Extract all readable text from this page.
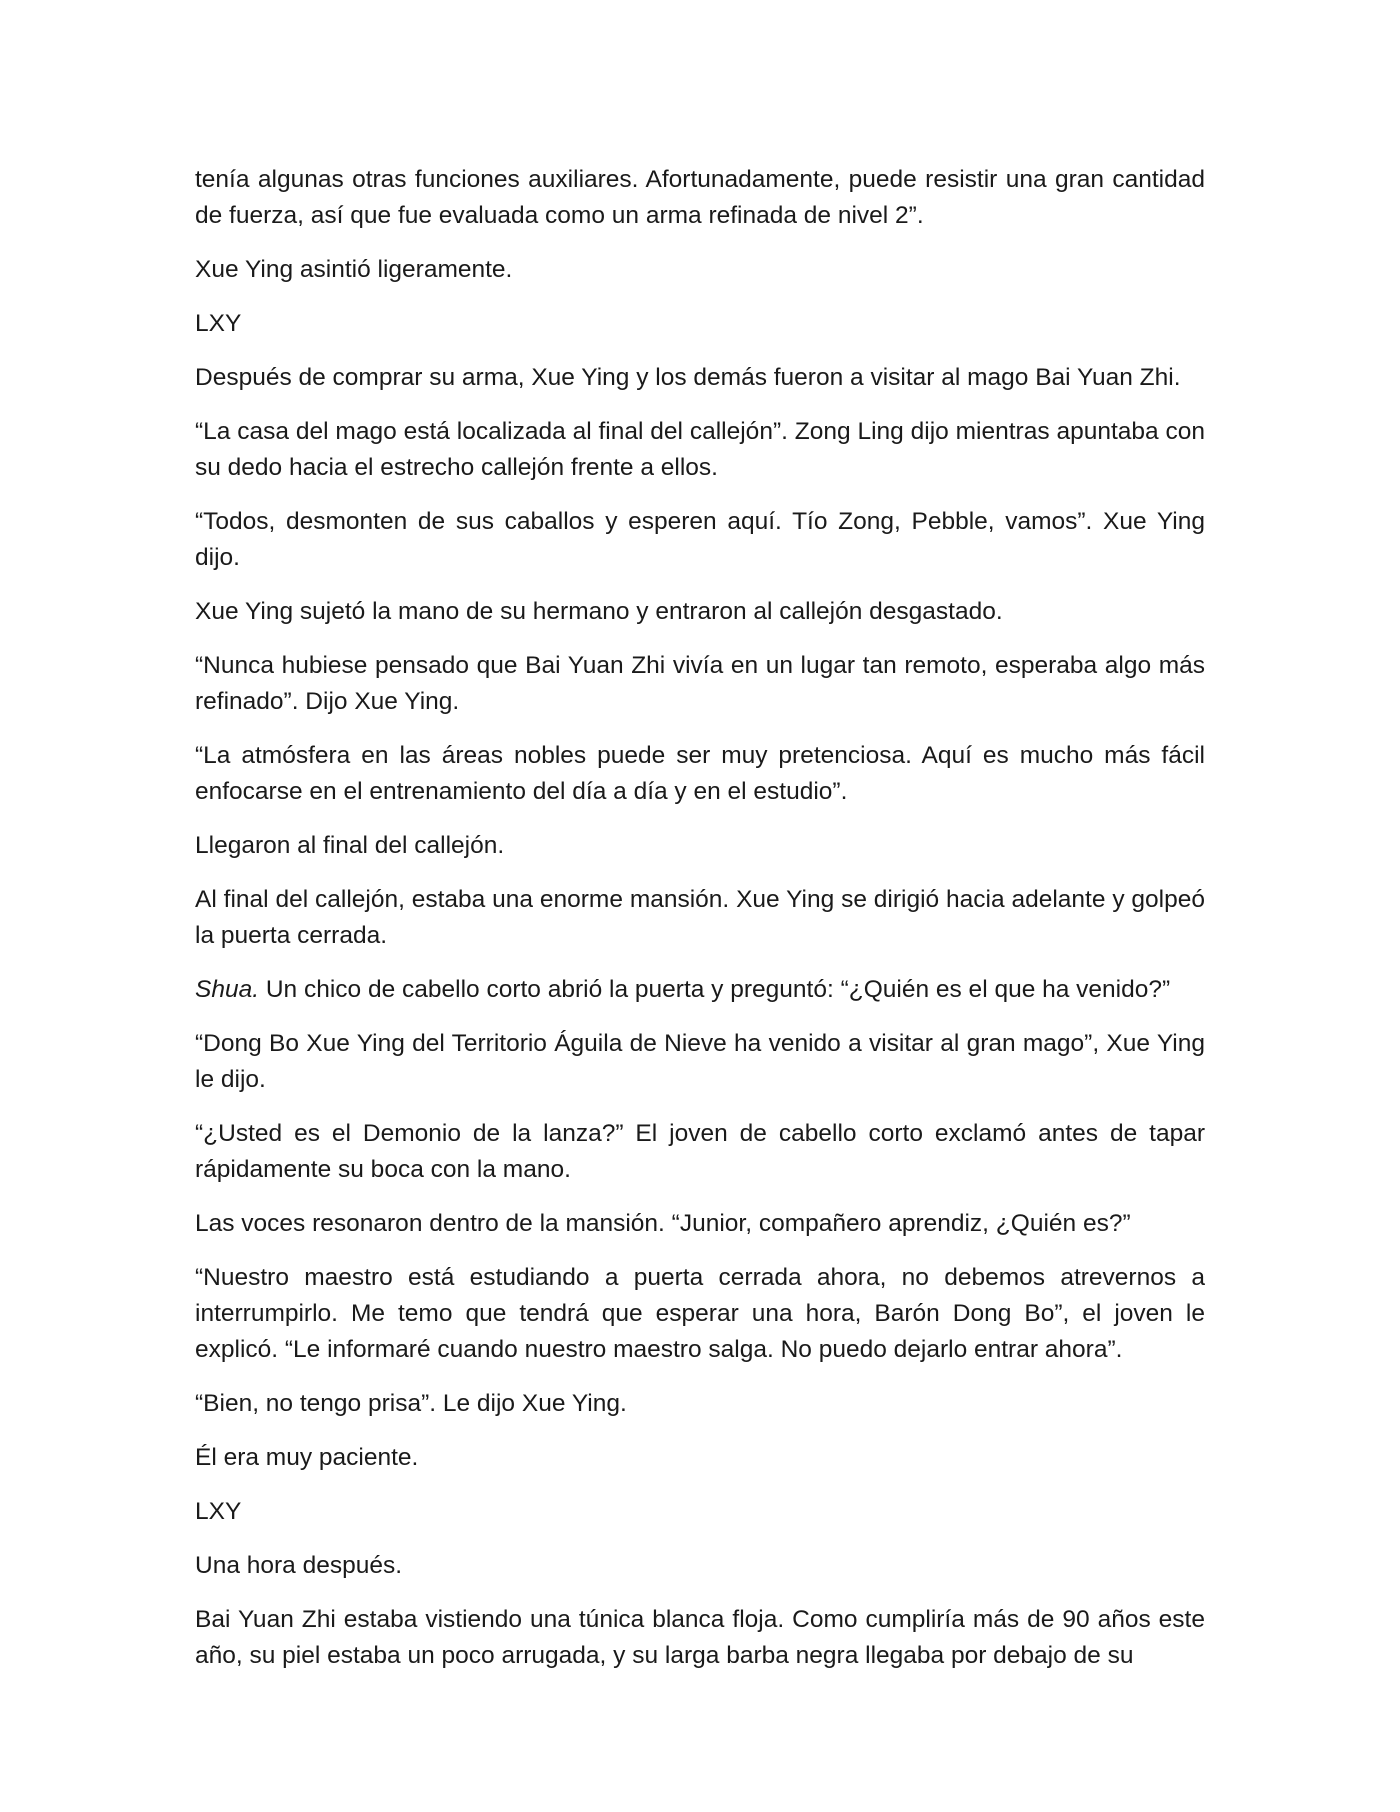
tenía algunas otras funciones auxiliares. Afortunadamente, puede resistir una gran cantidad de fuerza, así que fue evaluada como un arma refinada de nivel 2”.

Xue Ying asintió ligeramente.

LXY

Después de comprar su arma, Xue Ying y los demás fueron a visitar al mago Bai Yuan Zhi.

“La casa del mago está localizada al final del callejón”. Zong Ling dijo mientras apuntaba con su dedo hacia el estrecho callejón frente a ellos.

“Todos, desmonten de sus caballos y esperen aquí. Tío Zong, Pebble, vamos”. Xue Ying dijo.

Xue Ying sujetó la mano de su hermano y entraron al callejón desgastado.

“Nunca hubiese pensado que Bai Yuan Zhi vivía en un lugar tan remoto, esperaba algo más refinado”. Dijo Xue Ying.

“La atmósfera en las áreas nobles puede ser muy pretenciosa. Aquí es mucho más fácil enfocarse en el entrenamiento del día a día y en el estudio”.

Llegaron al final del callejón.

Al final del callejón, estaba una enorme mansión. Xue Ying se dirigió hacia adelante y golpeó la puerta cerrada.

Shua. Un chico de cabello corto abrió la puerta y preguntó: “¿Quién es el que ha venido?”

“Dong Bo Xue Ying del Territorio Águila de Nieve ha venido a visitar al gran mago”, Xue Ying le dijo.

“¿Usted es el Demonio de la lanza?” El joven de cabello corto exclamó antes de tapar rápidamente su boca con la mano.

Las voces resonaron dentro de la mansión. “Junior, compañero aprendiz, ¿Quién es?”

“Nuestro maestro está estudiando a puerta cerrada ahora, no debemos atrevernos a interrumpirlo. Me temo que tendrá que esperar una hora, Barón Dong Bo”, el joven le explicó. “Le informaré cuando nuestro maestro salga. No puedo dejarlo entrar ahora”.

“Bien, no tengo prisa”. Le dijo Xue Ying.

Él era muy paciente.

LXY

Una hora después.

Bai Yuan Zhi estaba vistiendo una túnica blanca floja. Como cumpliría más de 90 años este año, su piel estaba un poco arrugada, y su larga barba negra llegaba por debajo de su
